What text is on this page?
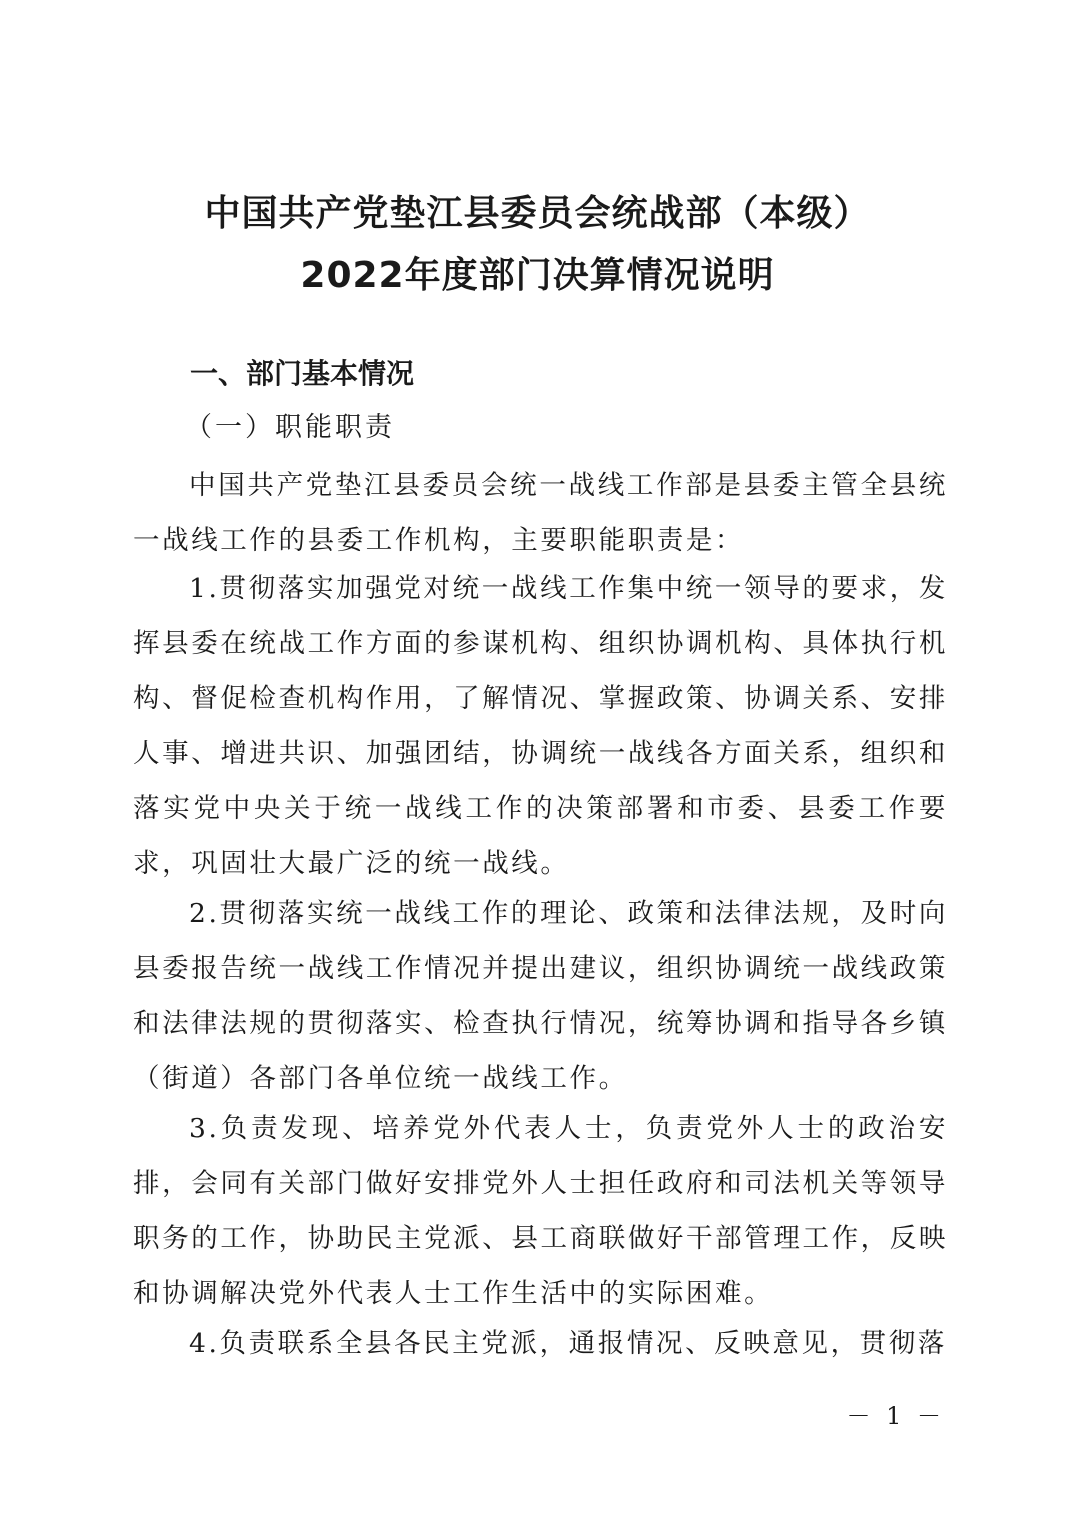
中国共产党垫江县委员会统战部（本级）
2022年度部门决算情况说明
一、部门基本情况
（一）职能职责

中国共产党垫江县委员会统一战线工作部是县委主管全县统一战线工作的县委工作机构，主要职能职责是：

1.贯彻落实加强党对统一战线工作集中统一领导的要求，发挥县委在统战工作方面的参谋机构、组织协调机构、具体执行机构、督促检查机构作用，了解情况、掌握政策、协调关系、安排人事、增进共识、加强团结，协调统一战线各方面关系，组织和落实党中央关于统一战线工作的决策部署和市委、县委工作要求，巩固壮大最广泛的统一战线。

2.贯彻落实统一战线工作的理论、政策和法律法规，及时向县委报告统一战线工作情况并提出建议，组织协调统一战线政策和法律法规的贯彻落实、检查执行情况，统筹协调和指导各乡镇（街道）各部门各单位统一战线工作。

3.负责发现、培养党外代表人士，负责党外人士的政治安排，会同有关部门做好安排党外人士担任政府和司法机关等领导职务的工作，协助民主党派、县工商联做好干部管理工作，反映和协调解决党外代表人士工作生活中的实际困难。

4.负责联系全县各民主党派，通报情况、反映意见，贯彻落

－ 1 －
